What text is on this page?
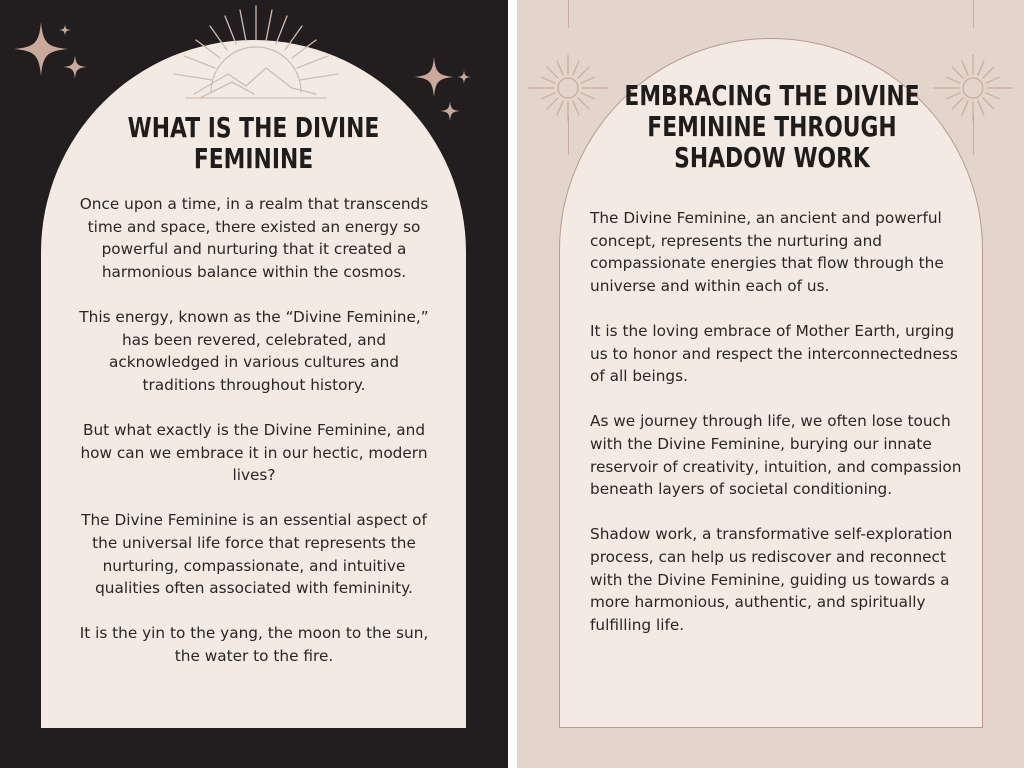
WHAT IS THE DIVINE FEMININE

Once upon a time, in a realm that transcends time and space, there existed an energy so powerful and nurturing that it created a harmonious balance within the cosmos.

This energy, known as the “Divine Feminine,” has been revered, celebrated, and acknowledged in various cultures and traditions throughout history.

But what exactly is the Divine Feminine, and how can we embrace it in our hectic, modern lives?

The Divine Feminine is an essential aspect of the universal life force that represents the nurturing, compassionate, and intuitive qualities often associated with femininity.

It is the yin to the yang, the moon to the sun, the water to the fire.

EMBRACING THE DIVINE FEMININE THROUGH SHADOW WORK

The Divine Feminine, an ancient and powerful concept, represents the nurturing and compassionate energies that flow through the universe and within each of us.

It is the loving embrace of Mother Earth, urging us to honor and respect the interconnectedness of all beings.

As we journey through life, we often lose touch with the Divine Feminine, burying our innate reservoir of creativity, intuition, and compassion beneath layers of societal conditioning.

Shadow work, a transformative self-exploration process, can help us rediscover and reconnect with the Divine Feminine, guiding us towards a more harmonious, authentic, and spiritually fulfilling life.
